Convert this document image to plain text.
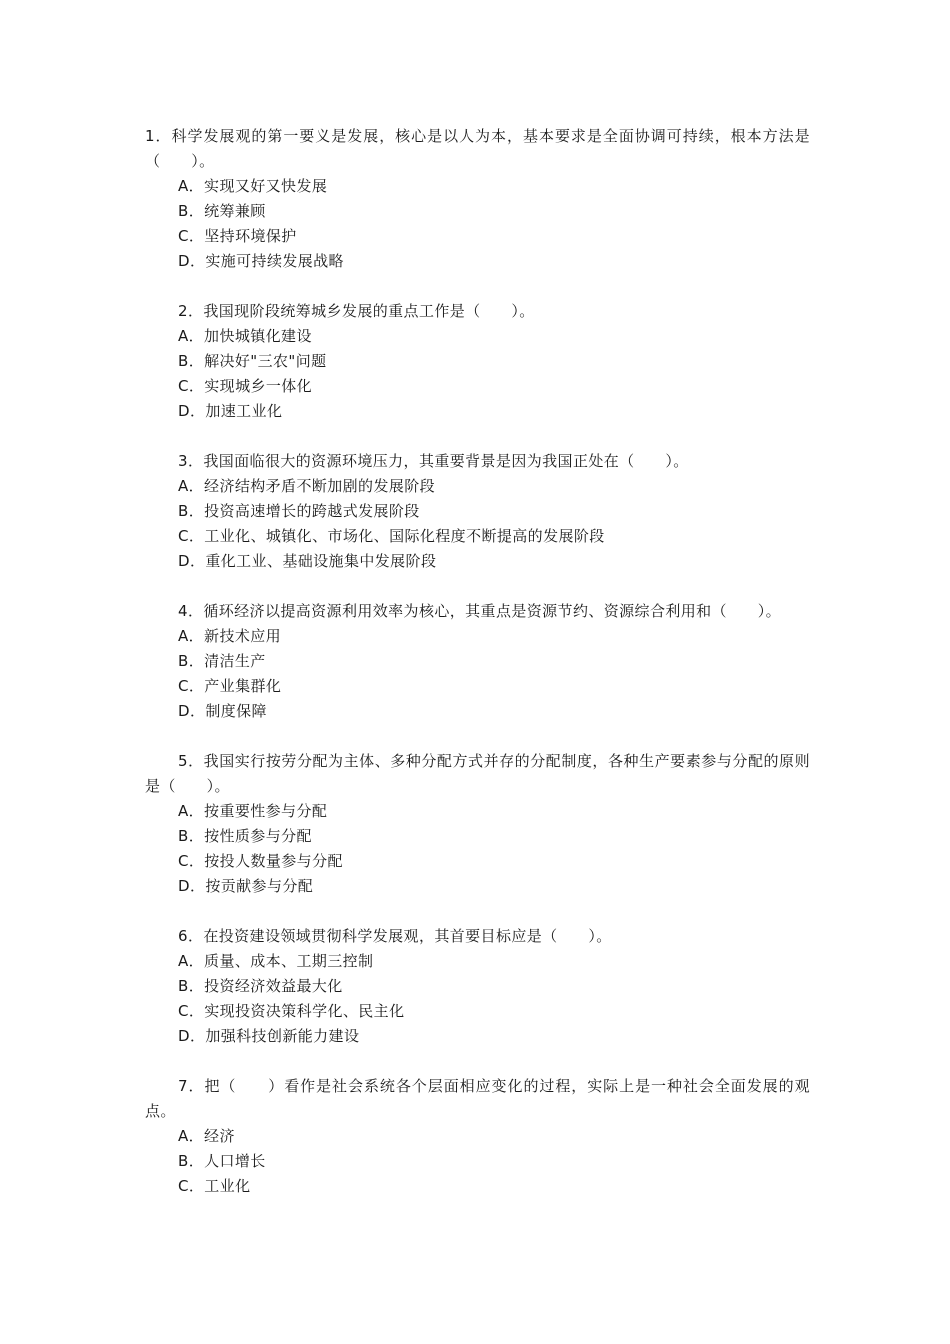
1．科学发展观的第一要义是发展，核心是以人为本，基本要求是全面协调可持续，根本方法是（　　）。

A．实现又好又快发展
B．统筹兼顾
C．坚持环境保护
D．实施可持续发展战略

2．我国现阶段统筹城乡发展的重点工作是（　　）。

A．加快城镇化建设
B．解决好"三农"问题
C．实现城乡一体化
D．加速工业化

3．我国面临很大的资源环境压力，其重要背景是因为我国正处在（　　）。

A．经济结构矛盾不断加剧的发展阶段
B．投资高速增长的跨越式发展阶段
C．工业化、城镇化、市场化、国际化程度不断提高的发展阶段
D．重化工业、基础设施集中发展阶段

4．循环经济以提高资源利用效率为核心，其重点是资源节约、资源综合利用和（　　）。

A．新技术应用
B．清洁生产
C．产业集群化
D．制度保障

5．我国实行按劳分配为主体、多种分配方式并存的分配制度，各种生产要素参与分配的原则是（　　）。

A．按重要性参与分配
B．按性质参与分配
C．按投人数量参与分配
D．按贡献参与分配

6．在投资建设领域贯彻科学发展观，其首要目标应是（　　）。

A．质量、成本、工期三控制
B．投资经济效益最大化
C．实现投资决策科学化、民主化
D．加强科技创新能力建设

7．把（　　）看作是社会系统各个层面相应变化的过程，实际上是一种社会全面发展的观点。

A．经济
B．人口增长
C．工业化
